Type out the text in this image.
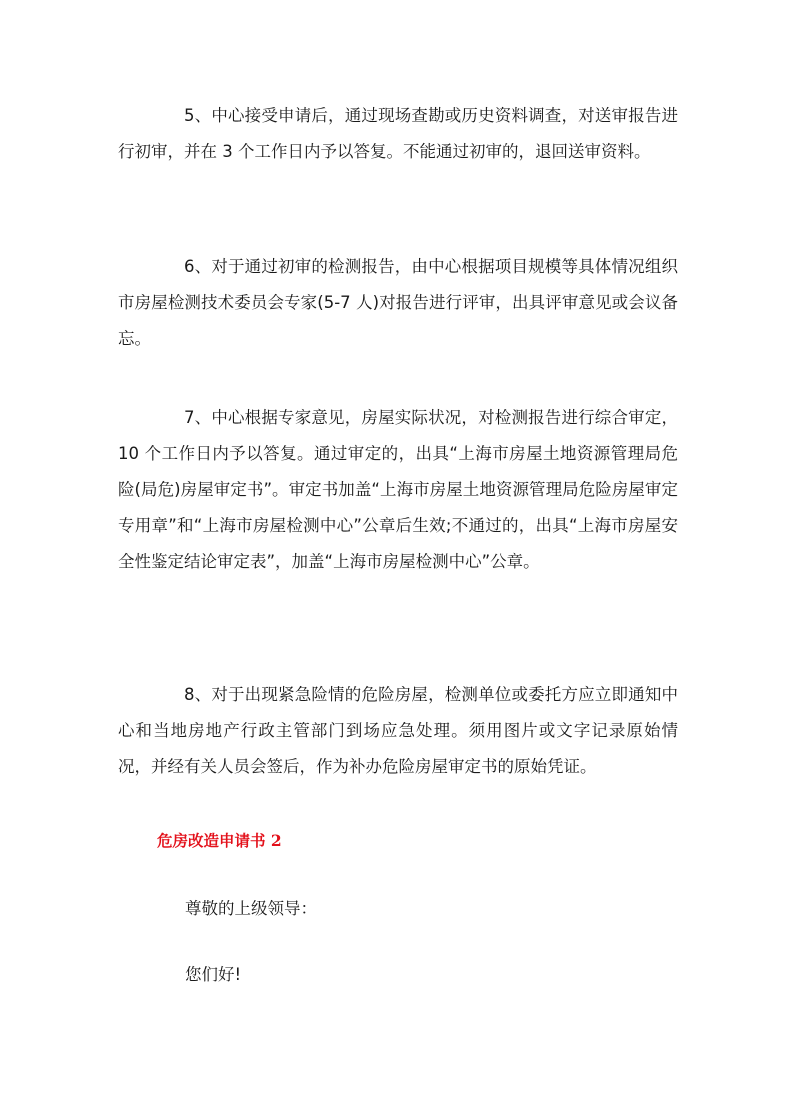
5、中心接受申请后，通过现场查勘或历史资料调查，对送审报告进行初审，并在 3 个工作日内予以答复。不能通过初审的，退回送审资料。

6、对于通过初审的检测报告，由中心根据项目规模等具体情况组织市房屋检测技术委员会专家(5-7 人)对报告进行评审，出具评审意见或会议备忘。

7、中心根据专家意见，房屋实际状况，对检测报告进行综合审定，10 个工作日内予以答复。通过审定的，出具“上海市房屋土地资源管理局危险(局危)房屋审定书”。审定书加盖“上海市房屋土地资源管理局危险房屋审定专用章”和“上海市房屋检测中心”公章后生效;不通过的，出具“上海市房屋安全性鉴定结论审定表”，加盖“上海市房屋检测中心”公章。

8、对于出现紧急险情的危险房屋，检测单位或委托方应立即通知中心和当地房地产行政主管部门到场应急处理。须用图片或文字记录原始情况，并经有关人员会签后，作为补办危险房屋审定书的原始凭证。

危房改造申请书 2

尊敬的上级领导：

您们好!
